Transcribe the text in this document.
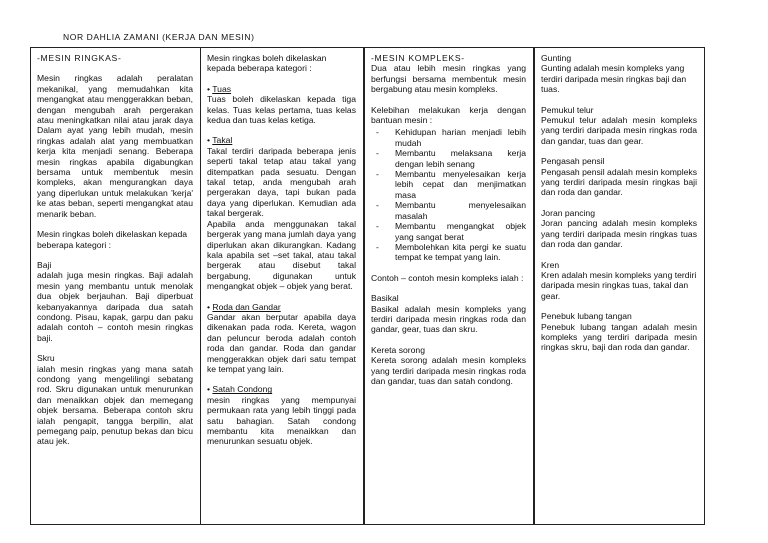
NOR DAHLIA ZAMANI (KERJA DAN MESIN)

-MESIN RINGKAS-

Mesin ringkas adalah peralatan mekanikal, yang memudahkan kita mengangkat atau menggerakkan beban, dengan mengubah arah pergerakan atau meningkatkan nilai atau jarak daya Dalam ayat yang lebih mudah, mesin ringkas adalah alat yang membuatkan kerja kita menjadi senang. Beberapa mesin ringkas apabila digabungkan bersama untuk membentuk mesin kompleks, akan mengurangkan daya yang diperlukan untuk melakukan 'kerja' ke atas beban, seperti mengangkat atau menarik beban.

Mesin ringkas boleh dikelaskan kepada beberapa kategori :

Baji

adalah juga mesin ringkas. Baji adalah mesin yang membantu untuk menolak dua objek berjauhan. Baji diperbuat kebanyakannya daripada dua satah condong. Pisau, kapak, garpu dan paku adalah contoh – contoh mesin ringkas baji.

Skru

ialah mesin ringkas yang mana satah condong yang mengelilingi sebatang rod. Skru digunakan untuk menurunkan dan menaikkan objek dan memegang objek bersama. Beberapa contoh skru ialah pengapit, tangga berpilin, alat pemegang paip, penutup bekas dan bicu atau jek.

Mesin ringkas boleh dikelaskan kepada beberapa kategori :

• Tuas

Tuas boleh dikelaskan kepada tiga kelas. Tuas kelas pertama, tuas kelas kedua dan tuas kelas ketiga.

• Takal

Takal terdiri daripada beberapa jenis seperti takal tetap atau takal yang ditempatkan pada sesuatu. Dengan takal tetap, anda mengubah arah pergerakan daya, tapi bukan pada daya yang diperlukan. Kemudian ada takal bergerak.

Apabila anda menggunakan takal bergerak yang mana jumlah daya yang diperlukan akan dikurangkan. Kadang kala apabila set –set takal, atau takal bergerak atau disebut takal bergabung, digunakan untuk mengangkat objek – objek yang berat.

• Roda dan Gandar

Gandar akan berputar apabila daya dikenakan pada roda. Kereta, wagon dan peluncur beroda adalah contoh roda dan gandar. Roda dan gandar menggerakkan objek dari satu tempat ke tempat yang lain.

• Satah Condong

mesin ringkas yang mempunyai permukaan rata yang lebih tinggi pada satu bahagian. Satah condong membantu kita menaikkan dan menurunkan sesuatu objek.

-MESIN KOMPLEKS-

Dua atau lebih mesin ringkas yang berfungsi bersama membentuk mesin bergabung atau mesin kompleks.

Kelebihan melakukan kerja dengan bantuan mesin :

- Kehidupan harian menjadi lebih mudah
- Membantu melaksana kerja dengan lebih senang
- Membantu menyelesaikan kerja lebih cepat dan menjimatkan masa
- Membantu menyelesaikan masalah
- Membantu mengangkat objek yang sangat berat
- Membolehkan kita pergi ke suatu tempat ke tempat yang lain.

Contoh – contoh mesin kompleks ialah :

Basikal

Basikal adalah mesin kompleks yang terdiri daripada mesin ringkas roda dan gandar, gear, tuas dan skru.

Kereta sorong

Kereta sorong adalah mesin kompleks yang terdiri daripada mesin ringkas roda dan gandar, tuas dan satah condong.

Gunting

Gunting adalah mesin kompleks yang terdiri daripada mesin ringkas baji dan tuas.

Pemukul telur

Pemukul telur adalah mesin kompleks yang terdiri daripada mesin ringkas roda dan gandar, tuas dan gear.

Pengasah pensil

Pengasah pensil adalah mesin kompleks yang terdiri daripada mesin ringkas baji dan roda dan gandar.

Joran pancing

Joran pancing adalah mesin kompleks yang terdiri daripada mesin ringkas tuas dan roda dan gandar.

Kren

Kren adalah mesin kompleks yang terdiri daripada mesin ringkas tuas, takal dan gear.

Penebuk lubang tangan

Penebuk lubang tangan adalah mesin kompleks yang terdiri daripada mesin ringkas skru, baji dan roda dan gandar.
